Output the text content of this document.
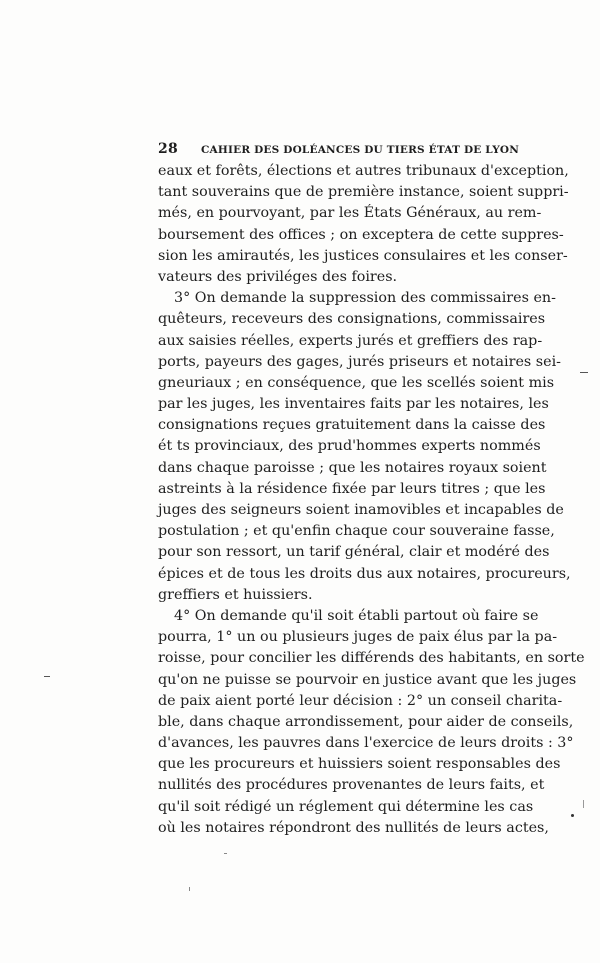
28 CAHIER DES DOLÉANCES DU TIERS ÉTAT DE LYON
eaux et forêts, élections et autres tribunaux d'exception,
tant souverains que de première instance, soient suppri-
més, en pourvoyant, par les États Généraux, au rem-
boursement des offices ; on exceptera de cette suppres-
sion les amirautés, les justices consulaires et les conser-
vateurs des priviléges des foires.
3° On demande la suppression des commissaires en-
quêteurs, receveurs des consignations, commissaires
aux saisies réelles, experts jurés et greffiers des rap-
ports, payeurs des gages, jurés priseurs et notaires sei-
gneuriaux ; en conséquence, que les scellés soient mis
par les juges, les inventaires faits par les notaires, les
consignations reçues gratuitement dans la caisse des
ét ts provinciaux, des prud'hommes experts nommés
dans chaque paroisse ; que les notaires royaux soient
astreints à la résidence fixée par leurs titres ; que les
juges des seigneurs soient inamovibles et incapables de
postulation ; et qu'enfin chaque cour souveraine fasse,
pour son ressort, un tarif général, clair et modéré des
épices et de tous les droits dus aux notaires, procureurs,
greffiers et huissiers.
4° On demande qu'il soit établi partout où faire se
pourra, 1° un ou plusieurs juges de paix élus par la pa-
roisse, pour concilier les différends des habitants, en sorte
qu'on ne puisse se pourvoir en justice avant que les juges
de paix aient porté leur décision : 2° un conseil charita-
ble, dans chaque arrondissement, pour aider de conseils,
d'avances, les pauvres dans l'exercice de leurs droits : 3°
que les procureurs et huissiers soient responsables des
nullités des procédures provenantes de leurs faits, et
qu'il soit rédigé un réglement qui détermine les cas
où les notaires répondront des nullités de leurs actes,
